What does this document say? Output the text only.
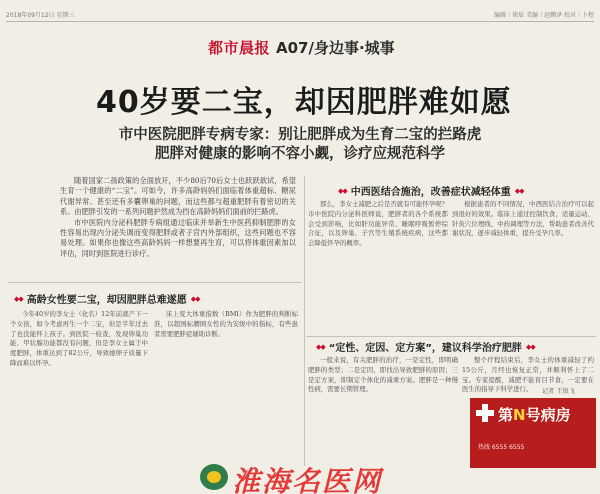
2018年09月12日 星期三	编辑｜徐辰 美编｜赵鹏泽 校对｜卜煜
都市晨报 A07/身边事·城事
40岁要二宝，却因肥胖难如愿
市中医院肥胖专病专家：别让肥胖成为生育二宝的拦路虎
肥胖对健康的影响不容小觑，诊疗应规范科学

随着国家二孩政策的全面放开，不少80后70后女士也跃跃欲试，希望生育一个健康的“二宝”。可如今，许多高龄妈妈们面临着体重超标、糖尿代谢异常、甚至还有多囊卵巢的问题，而这些都与超重肥胖有着密切的关系。由肥胖引发的一系列问题护然成为挡在高龄妈妈们面前的拦路虎。

市中医院内分泌科肥胖专病组通过临床并举新生中医药抑制肥胖的女性容易出现内分泌失调而变得肥胖或者子宫内外部组织，这些问题也不容易处理。如果你也像这些高龄妈妈一样想要再生育，可以将体重因素加以评估，同时到医院进行诊疗。

◆◆ 高龄女性要二宝，却因肥胖总难遂愿 ◆◆

今年40岁的李女士（化名）12年前就产下一个女孩，如今考虑再生一个二宝，但是半年过去了也没能怀上孩子。到医院一检查，发现卵巢功能、甲状腺功能都没有问题，但是李女士属于中度肥胖，体重达到了82公斤，导致她卵子质量下降而难以怀孕。

床上变大体重指数（BMI）作为肥胖的判断标准，以超国标腰围女性的为安级中的指标，有些患者需要肥胖症辅助诊断。

◆◆ 中西医结合施治，改善症状减轻体重 ◆◆

那么，李女士减肥之后是否就有可能怀孕呢？市中医院内分泌科医师说，肥胖者的各个系统都会受到影响，比如肝功能异常、睡眠呼吸暂停综合征，以及卵巢、子宫等生殖系统疾病，这些都会降低怀孕的概率。

根据患者的不同情况，中西医结合治疗可以起到很好的效果。临床上通过控制饮食、适量运动、针灸穴位埋线、中药调理等方法，帮助患者改善代谢状况，逐步减轻体重，提升受孕几率。

◆◆ “定性、定因、定方案”，建议科学治疗肥胖 ◆◆

一般来说，有关肥胖的治疗，一是定性，即明确肥胖的类型；二是定因，即找出导致肥胖的原因；三是定方案，即制定个体化的减重方案。肥胖是一种慢性病，需要长期管理。

整个疗程结束后，李女士的体重减轻了约15公斤，月经也恢复正常，并顺利怀上了二宝。专家提醒，减肥不能盲目节食，一定要在医生的指导下科学进行。	记者 王银飞
第N号病房
热线 6555 6555
淮海名医网
